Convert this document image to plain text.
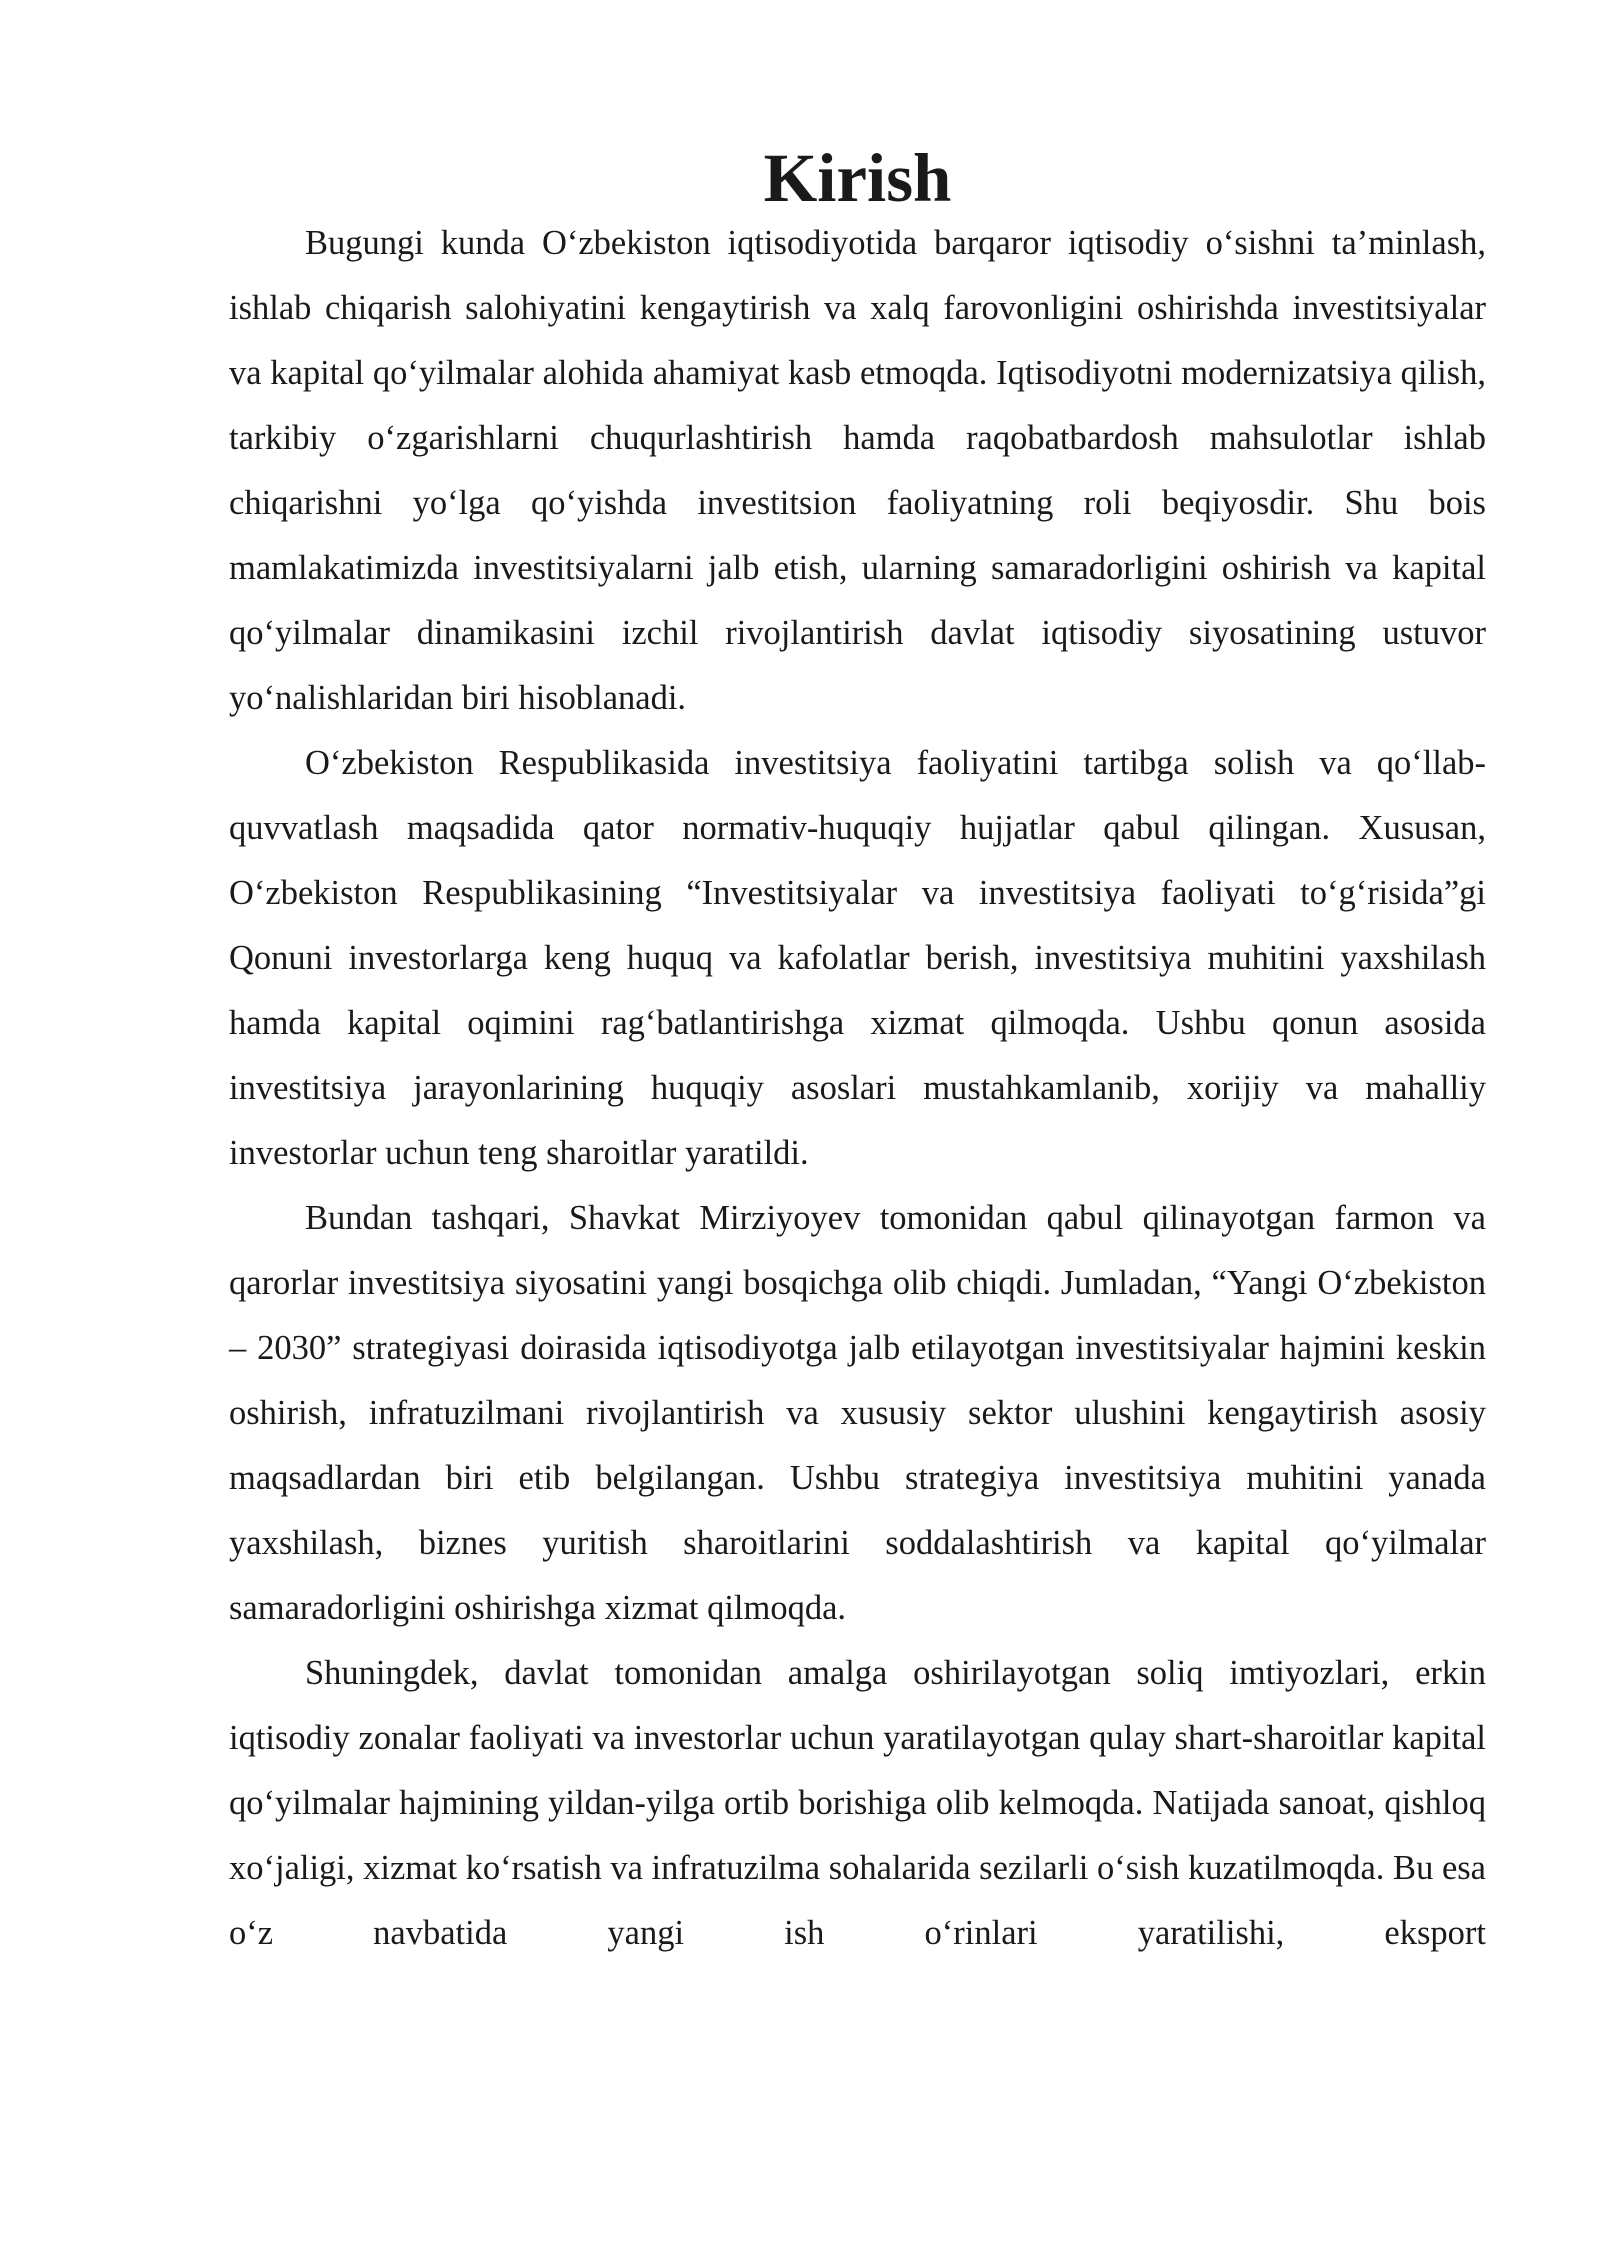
Kirish

Bugungi kunda O‘zbekiston iqtisodiyotida barqaror iqtisodiy o‘sishni ta’minlash, ishlab chiqarish salohiyatini kengaytirish va xalq farovonligini oshirishda investitsiyalar va kapital qo‘yilmalar alohida ahamiyat kasb etmoqda. Iqtisodiyotni modernizatsiya qilish, tarkibiy o‘zgarishlarni chuqurlashtirish hamda raqobatbardosh mahsulotlar ishlab chiqarishni yo‘lga qo‘yishda investitsion faoliyatning roli beqiyosdir. Shu bois mamlakatimizda investitsiyalarni jalb etish, ularning samaradorligini oshirish va kapital qo‘yilmalar dinamikasini izchil rivojlantirish davlat iqtisodiy siyosatining ustuvor yo‘nalishlaridan biri hisoblanadi.

O‘zbekiston Respublikasida investitsiya faoliyatini tartibga solish va qo‘llab-quvvatlash maqsadida qator normativ-huquqiy hujjatlar qabul qilingan. Xususan, O‘zbekiston Respublikasining “Investitsiyalar va investitsiya faoliyati to‘g‘risida”gi Qonuni investorlarga keng huquq va kafolatlar berish, investitsiya muhitini yaxshilash hamda kapital oqimini rag‘batlantirishga xizmat qilmoqda. Ushbu qonun asosida investitsiya jarayonlarining huquqiy asoslari mustahkamlanib, xorijiy va mahalliy investorlar uchun teng sharoitlar yaratildi.

Bundan tashqari, Shavkat Mirziyoyev tomonidan qabul qilinayotgan farmon va qarorlar investitsiya siyosatini yangi bosqichga olib chiqdi. Jumladan, “Yangi O‘zbekiston – 2030” strategiyasi doirasida iqtisodiyotga jalb etilayotgan investitsiyalar hajmini keskin oshirish, infratuzilmani rivojlantirish va xususiy sektor ulushini kengaytirish asosiy maqsadlardan biri etib belgilangan. Ushbu strategiya investitsiya muhitini yanada yaxshilash, biznes yuritish sharoitlarini soddalashtirish va kapital qo‘yilmalar samaradorligini oshirishga xizmat qilmoqda.

Shuningdek, davlat tomonidan amalga oshirilayotgan soliq imtiyozlari, erkin iqtisodiy zonalar faoliyati va investorlar uchun yaratilayotgan qulay shart-sharoitlar kapital qo‘yilmalar hajmining yildan-yilga ortib borishiga olib kelmoqda. Natijada sanoat, qishloq xo‘jaligi, xizmat ko‘rsatish va infratuzilma sohalarida sezilarli o‘sish kuzatilmoqda. Bu esa o‘z navbatida yangi ish o‘rinlari yaratilishi, eksport
